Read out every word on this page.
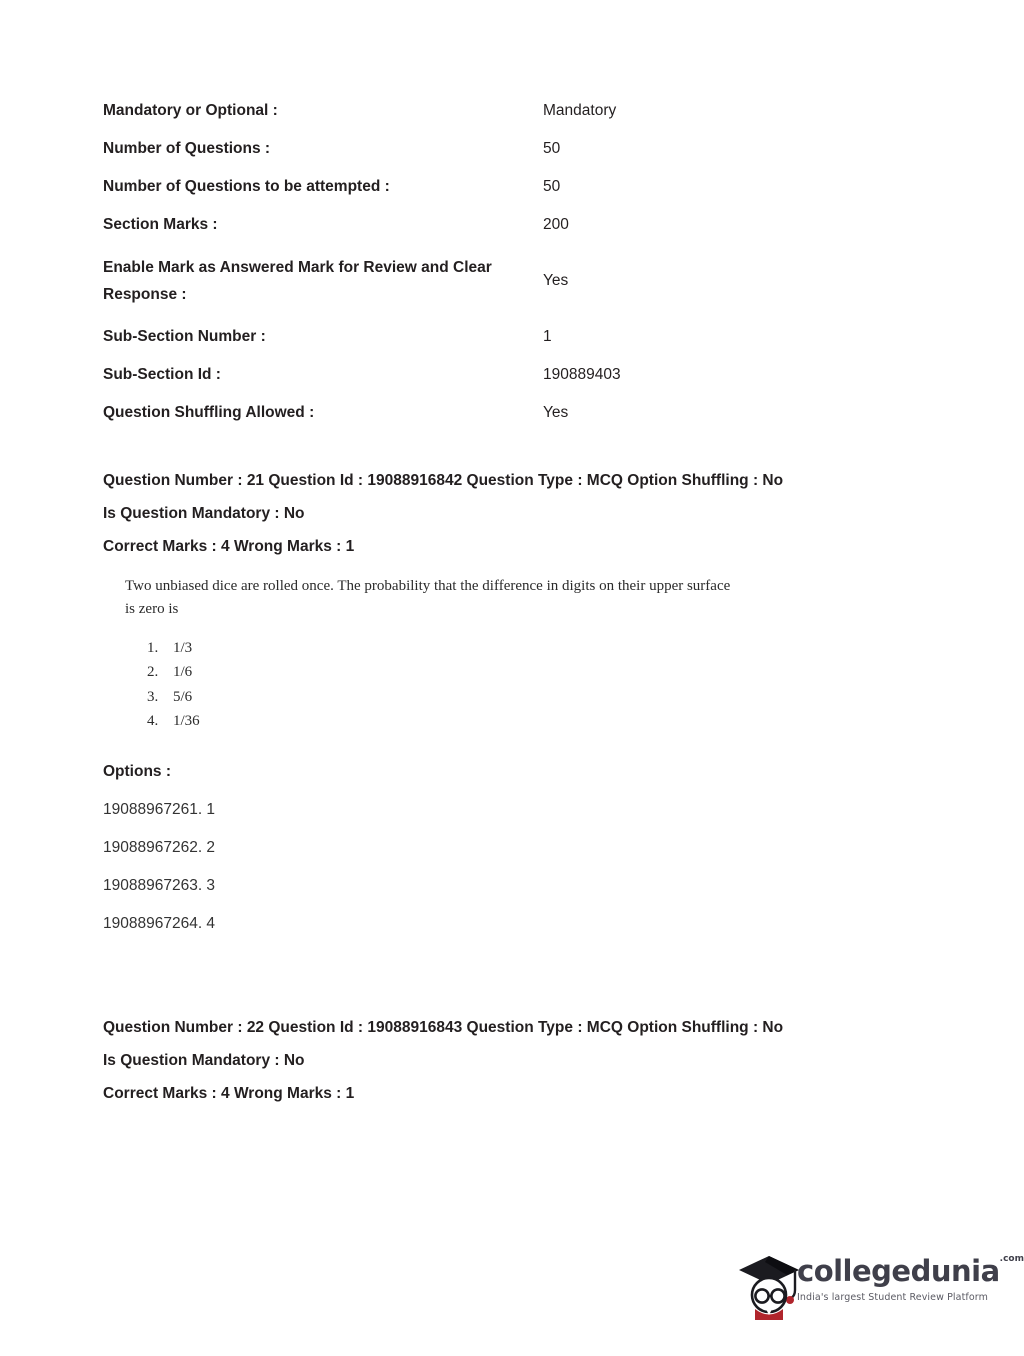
Mandatory or Optional :	Mandatory
Number of Questions :	50
Number of Questions to be attempted :	50
Section Marks :	200
Enable Mark as Answered Mark for Review and Clear Response :	Yes
Sub-Section Number :	1
Sub-Section Id :	190889403
Question Shuffling Allowed :	Yes
Question Number : 21 Question Id : 19088916842 Question Type : MCQ Option Shuffling : No
Is Question Mandatory : No
Correct Marks : 4 Wrong Marks : 1

Two unbiased dice are rolled once. The probability that the difference in digits on their upper surface is zero is

1. 1/3
2. 1/6
3. 5/6
4. 1/36
Options :
19088967261. 1
19088967262. 2
19088967263. 3
19088967264. 4
Question Number : 22 Question Id : 19088916843 Question Type : MCQ Option Shuffling : No
Is Question Mandatory : No
Correct Marks : 4 Wrong Marks : 1
collegedunia$^{.com}$
India's largest Student Review Platform
